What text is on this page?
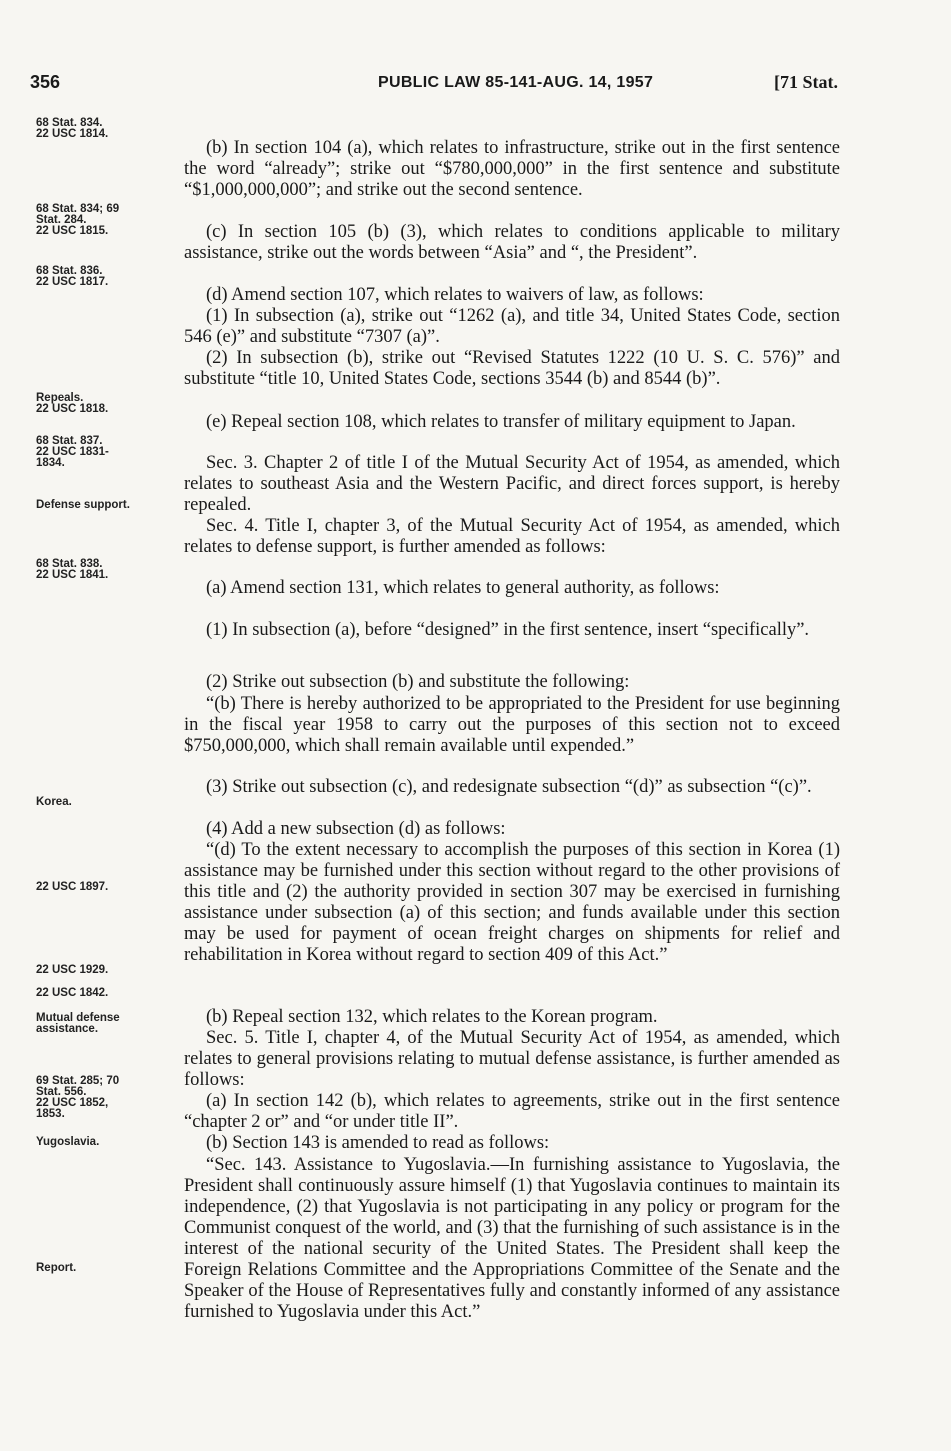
356	PUBLIC LAW 85-141-AUG. 14, 1957	[71 Stat.
68 Stat. 834.
22 USC 1814.
68 Stat. 834; 69
Stat. 284.
22 USC 1815.
68 Stat. 836.
22 USC 1817.
Repeals.
22 USC 1818.
68 Stat. 837.
22 USC 1831-
1834.
Defense support.
68 Stat. 838.
22 USC 1841.
Korea.
22 USC 1897.
22 USC 1929.
22 USC 1842.
Mutual defense
assistance.
69 Stat. 285; 70
Stat. 556.
22 USC 1852,
1853.
Yugoslavia.
Report.

(b) In section 104 (a), which relates to infrastructure, strike out in the first sentence the word “already”; strike out “$780,000,000” in the first sentence and substitute “$1,000,000,000”; and strike out the second sentence.

(c) In section 105 (b) (3), which relates to conditions applicable to military assistance, strike out the words between “Asia” and “, the President”.

(d) Amend section 107, which relates to waivers of law, as follows:

(1) In subsection (a), strike out “1262 (a), and title 34, United States Code, section 546 (e)” and substitute “7307 (a)”.

(2) In subsection (b), strike out “Revised Statutes 1222 (10 U. S. C. 576)” and substitute “title 10, United States Code, sections 3544 (b) and 8544 (b)”.

(e) Repeal section 108, which relates to transfer of military equipment to Japan.

Sec. 3. Chapter 2 of title I of the Mutual Security Act of 1954, as amended, which relates to southeast Asia and the Western Pacific, and direct forces support, is hereby repealed.

Sec. 4. Title I, chapter 3, of the Mutual Security Act of 1954, as amended, which relates to defense support, is further amended as follows:

(a) Amend section 131, which relates to general authority, as follows:

(1) In subsection (a), before “designed” in the first sentence, insert “specifically”.

(2) Strike out subsection (b) and substitute the following:

“(b) There is hereby authorized to be appropriated to the President for use beginning in the fiscal year 1958 to carry out the purposes of this section not to exceed $750,000,000, which shall remain available until expended.”

(3) Strike out subsection (c), and redesignate subsection “(d)” as subsection “(c)”.

(4) Add a new subsection (d) as follows:

“(d) To the extent necessary to accomplish the purposes of this section in Korea (1) assistance may be furnished under this section without regard to the other provisions of this title and (2) the authority provided in section 307 may be exercised in furnishing assistance under subsection (a) of this section; and funds available under this section may be used for payment of ocean freight charges on shipments for relief and rehabilitation in Korea without regard to section 409 of this Act.”

(b) Repeal section 132, which relates to the Korean program.

Sec. 5. Title I, chapter 4, of the Mutual Security Act of 1954, as amended, which relates to general provisions relating to mutual defense assistance, is further amended as follows:

(a) In section 142 (b), which relates to agreements, strike out in the first sentence “chapter 2 or” and “or under title II”.

(b) Section 143 is amended to read as follows:

“Sec. 143. Assistance to Yugoslavia.—In furnishing assistance to Yugoslavia, the President shall continuously assure himself (1) that Yugoslavia continues to maintain its independence, (2) that Yugoslavia is not participating in any policy or program for the Communist conquest of the world, and (3) that the furnishing of such assistance is in the interest of the national security of the United States. The President shall keep the Foreign Relations Committee and the Appropriations Committee of the Senate and the Speaker of the House of Representatives fully and constantly informed of any assistance furnished to Yugoslavia under this Act.”
